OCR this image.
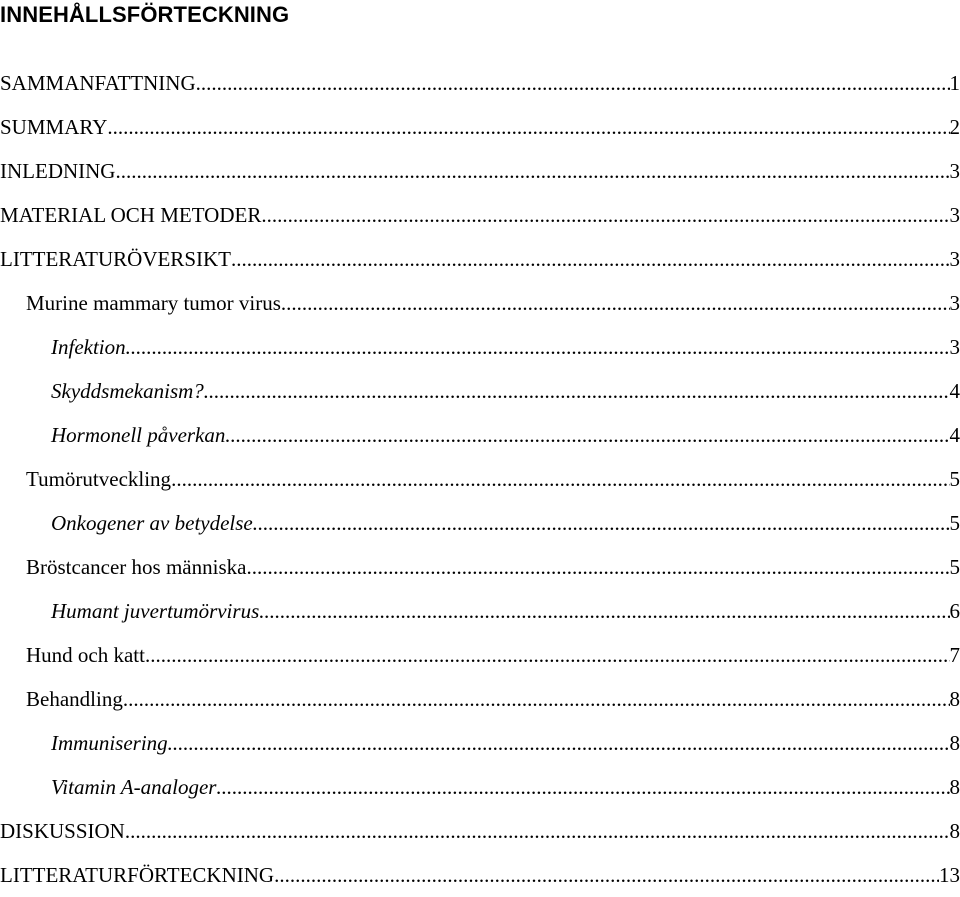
INNEHÅLLSFÖRTECKNING
SAMMANFATTNING .....	1
SUMMARY .....	2
INLEDNING .....	3
MATERIAL OCH METODER .....	3
LITTERATURÖVERSIKT .....	3
Murine mammary tumor virus .....	3
Infektion .....	3
Skyddsmekanism? .....	4
Hormonell påverkan .....	4
Tumörutveckling .....	5
Onkogener av betydelse .....	5
Bröstcancer hos människa .....	5
Humant juvertumörvirus .....	6
Hund och katt .....	7
Behandling .....	8
Immunisering .....	8
Vitamin A-analoger .....	8
DISKUSSION .....	8
LITTERATURFÖRTECKNING .....	13
